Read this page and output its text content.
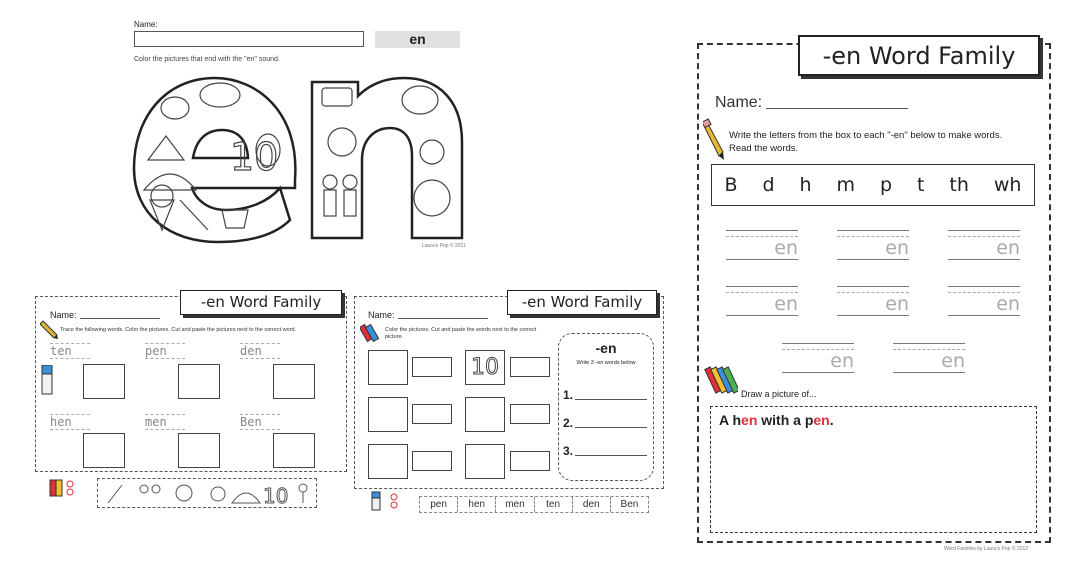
Name:
en
Color the pictures that end with the "en" sound.
10
Laura's Pop © 2011
-en Word Family
Name:
Trace the following words. Color the pictures. Cut and paste the pictures next to the correct word.
ten	pen	den
hen	men	Ben
10
-en Word Family
Name:
Color the pictures. Cut and paste the words next to the correct picture.
10
-en
Write 3 -en words below
1.
2.
3.
pen	hen	men	ten	den	Ben
-en Word Family
Name:
Write the letters from the box to each "-en" below to make words.
Read the words.
B d h m p t th wh
en	en	en
en	en	en
en	en
Draw a picture of...
A hen with a pen.
Word Families by Laura's Pop © 2012
